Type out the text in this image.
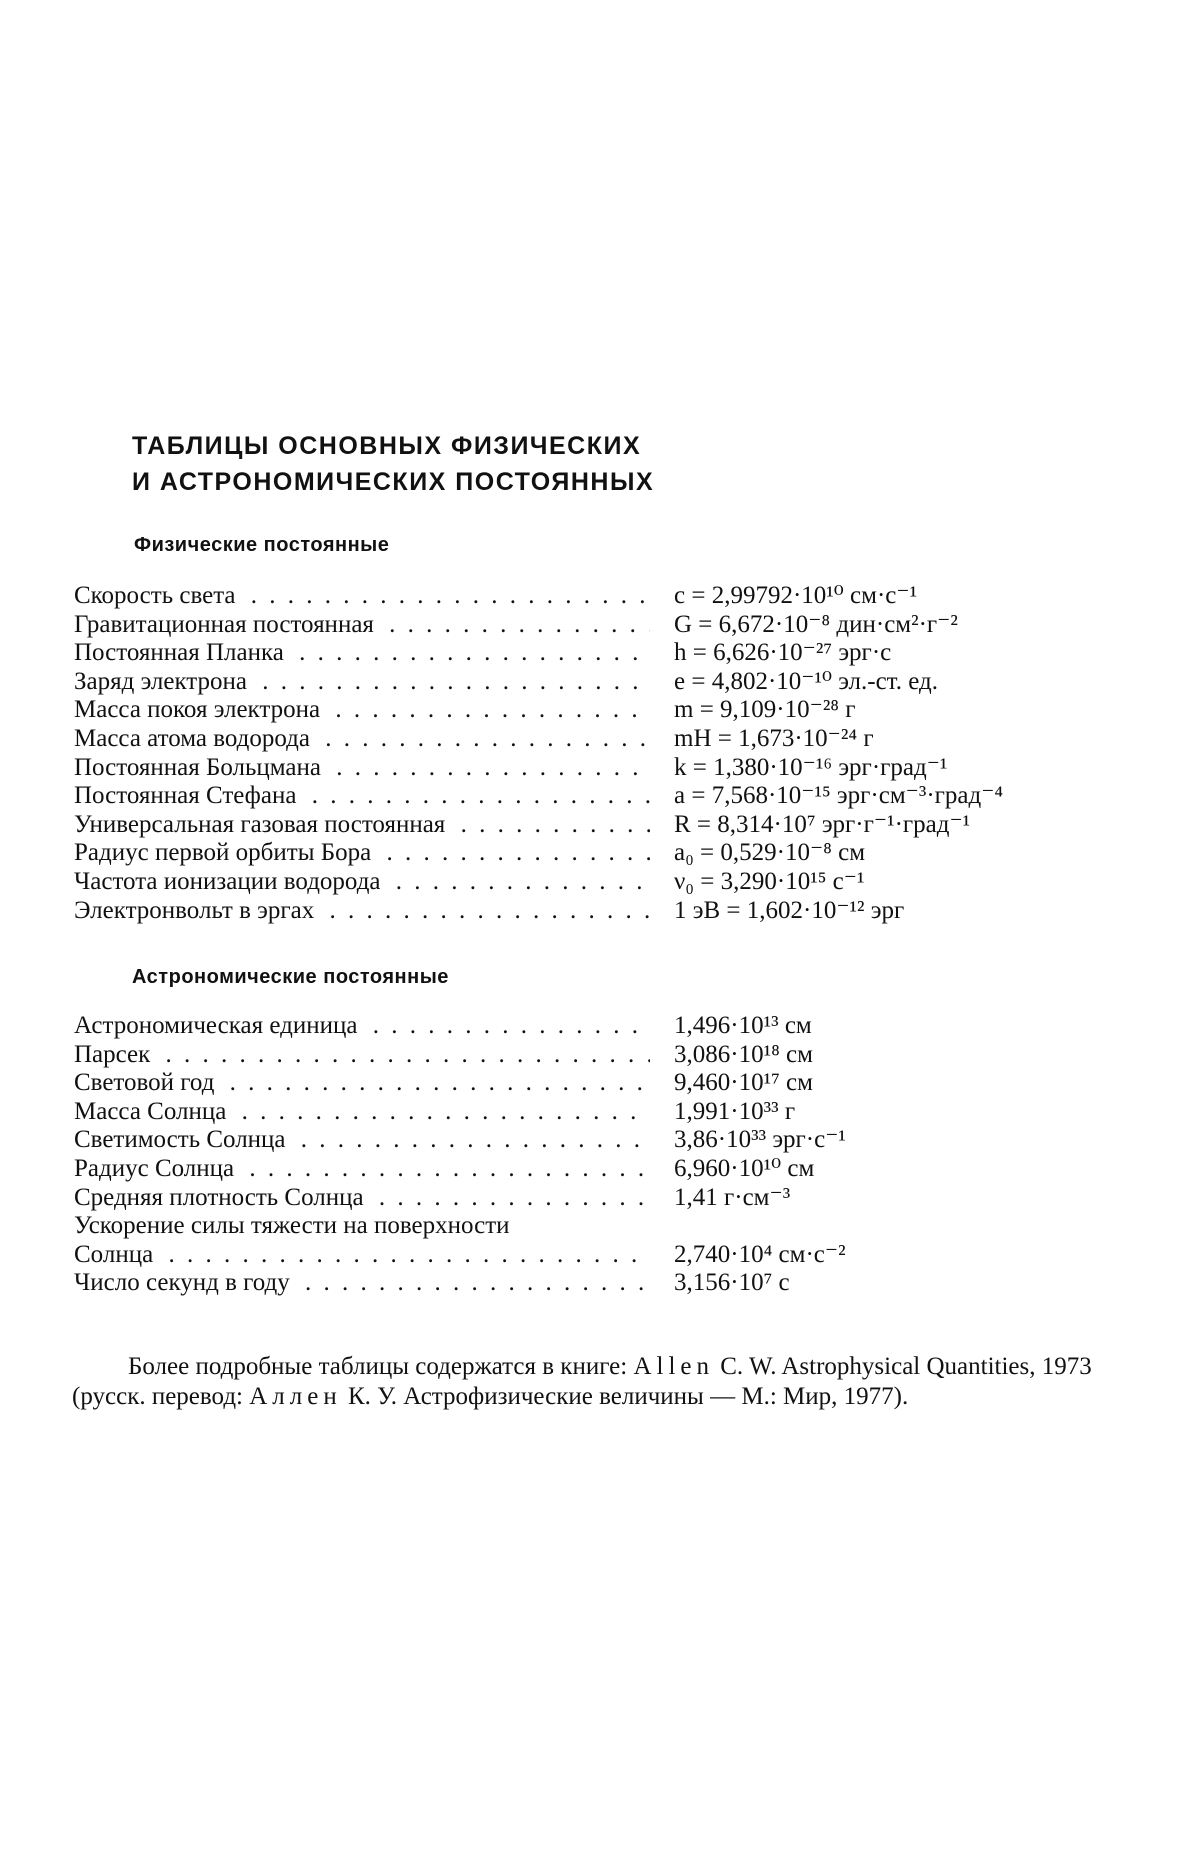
ТАБЛИЦЫ ОСНОВНЫХ ФИЗИЧЕСКИХ
И АСТРОНОМИЧЕСКИХ ПОСТОЯННЫХ
Физические постоянные
Скорость света . . .	c = 2,99792·10¹⁰ см·с⁻¹
Гравитационная постоянная . . .	G = 6,672·10⁻⁸ дин·см²·г⁻²
Постоянная Планка . . .	h = 6,626·10⁻²⁷ эрг·с
Заряд электрона . . .	e = 4,802·10⁻¹⁰ эл.-ст. ед.
Масса покоя электрона . . .	m = 9,109·10⁻²⁸ г
Масса атома водорода . . .	mH = 1,673·10⁻²⁴ г
Постоянная Больцмана . . .	k = 1,380·10⁻¹⁶ эрг·град⁻¹
Постоянная Стефана . . .	a = 7,568·10⁻¹⁵ эрг·см⁻³·град⁻⁴
Универсальная газовая постоянная . . .	R = 8,314·10⁷ эрг·г⁻¹·град⁻¹
Радиус первой орбиты Бора . . .	a₀ = 0,529·10⁻⁸ см
Частота ионизации водорода . . .	ν₀ = 3,290·10¹⁵ с⁻¹
Электронвольт в эргах . . .	1 эВ = 1,602·10⁻¹² эрг
Астрономические постоянные
Астрономическая единица . . .	1,496·10¹³ см
Парсек . . .	3,086·10¹⁸ см
Световой год . . .	9,460·10¹⁷ см
Масса Солнца . . .	1,991·10³³ г
Светимость Солнца . . .	3,86·10³³ эрг·с⁻¹
Радиус Солнца . . .	6,960·10¹⁰ см
Средняя плотность Солнца . . .	1,41 г·см⁻³
Ускорение силы тяжести на поверхности
Солнца . . .	2,740·10⁴ см·с⁻²
Число секунд в году . . .	3,156·10⁷ с

Более подробные таблицы содержатся в книге: Allen C. W. Astrophysical Quantities, 1973 (русск. перевод: Аллен К. У. Астрофизические величины — М.: Мир, 1977).
